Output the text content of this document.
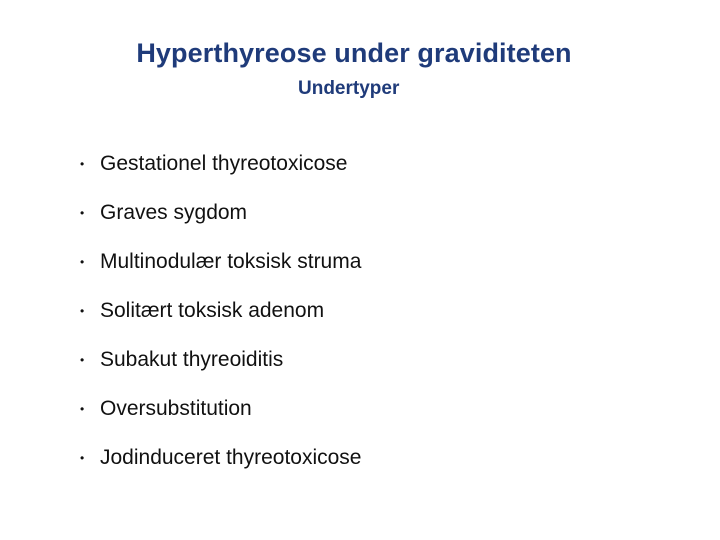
Hyperthyreose under graviditeten
Undertyper
• Gestationel thyreotoxicose
• Graves sygdom
• Multinodulær toksisk struma
• Solitært toksisk adenom
• Subakut thyreoiditis
• Oversubstitution
• Jodinduceret thyreotoxicose
